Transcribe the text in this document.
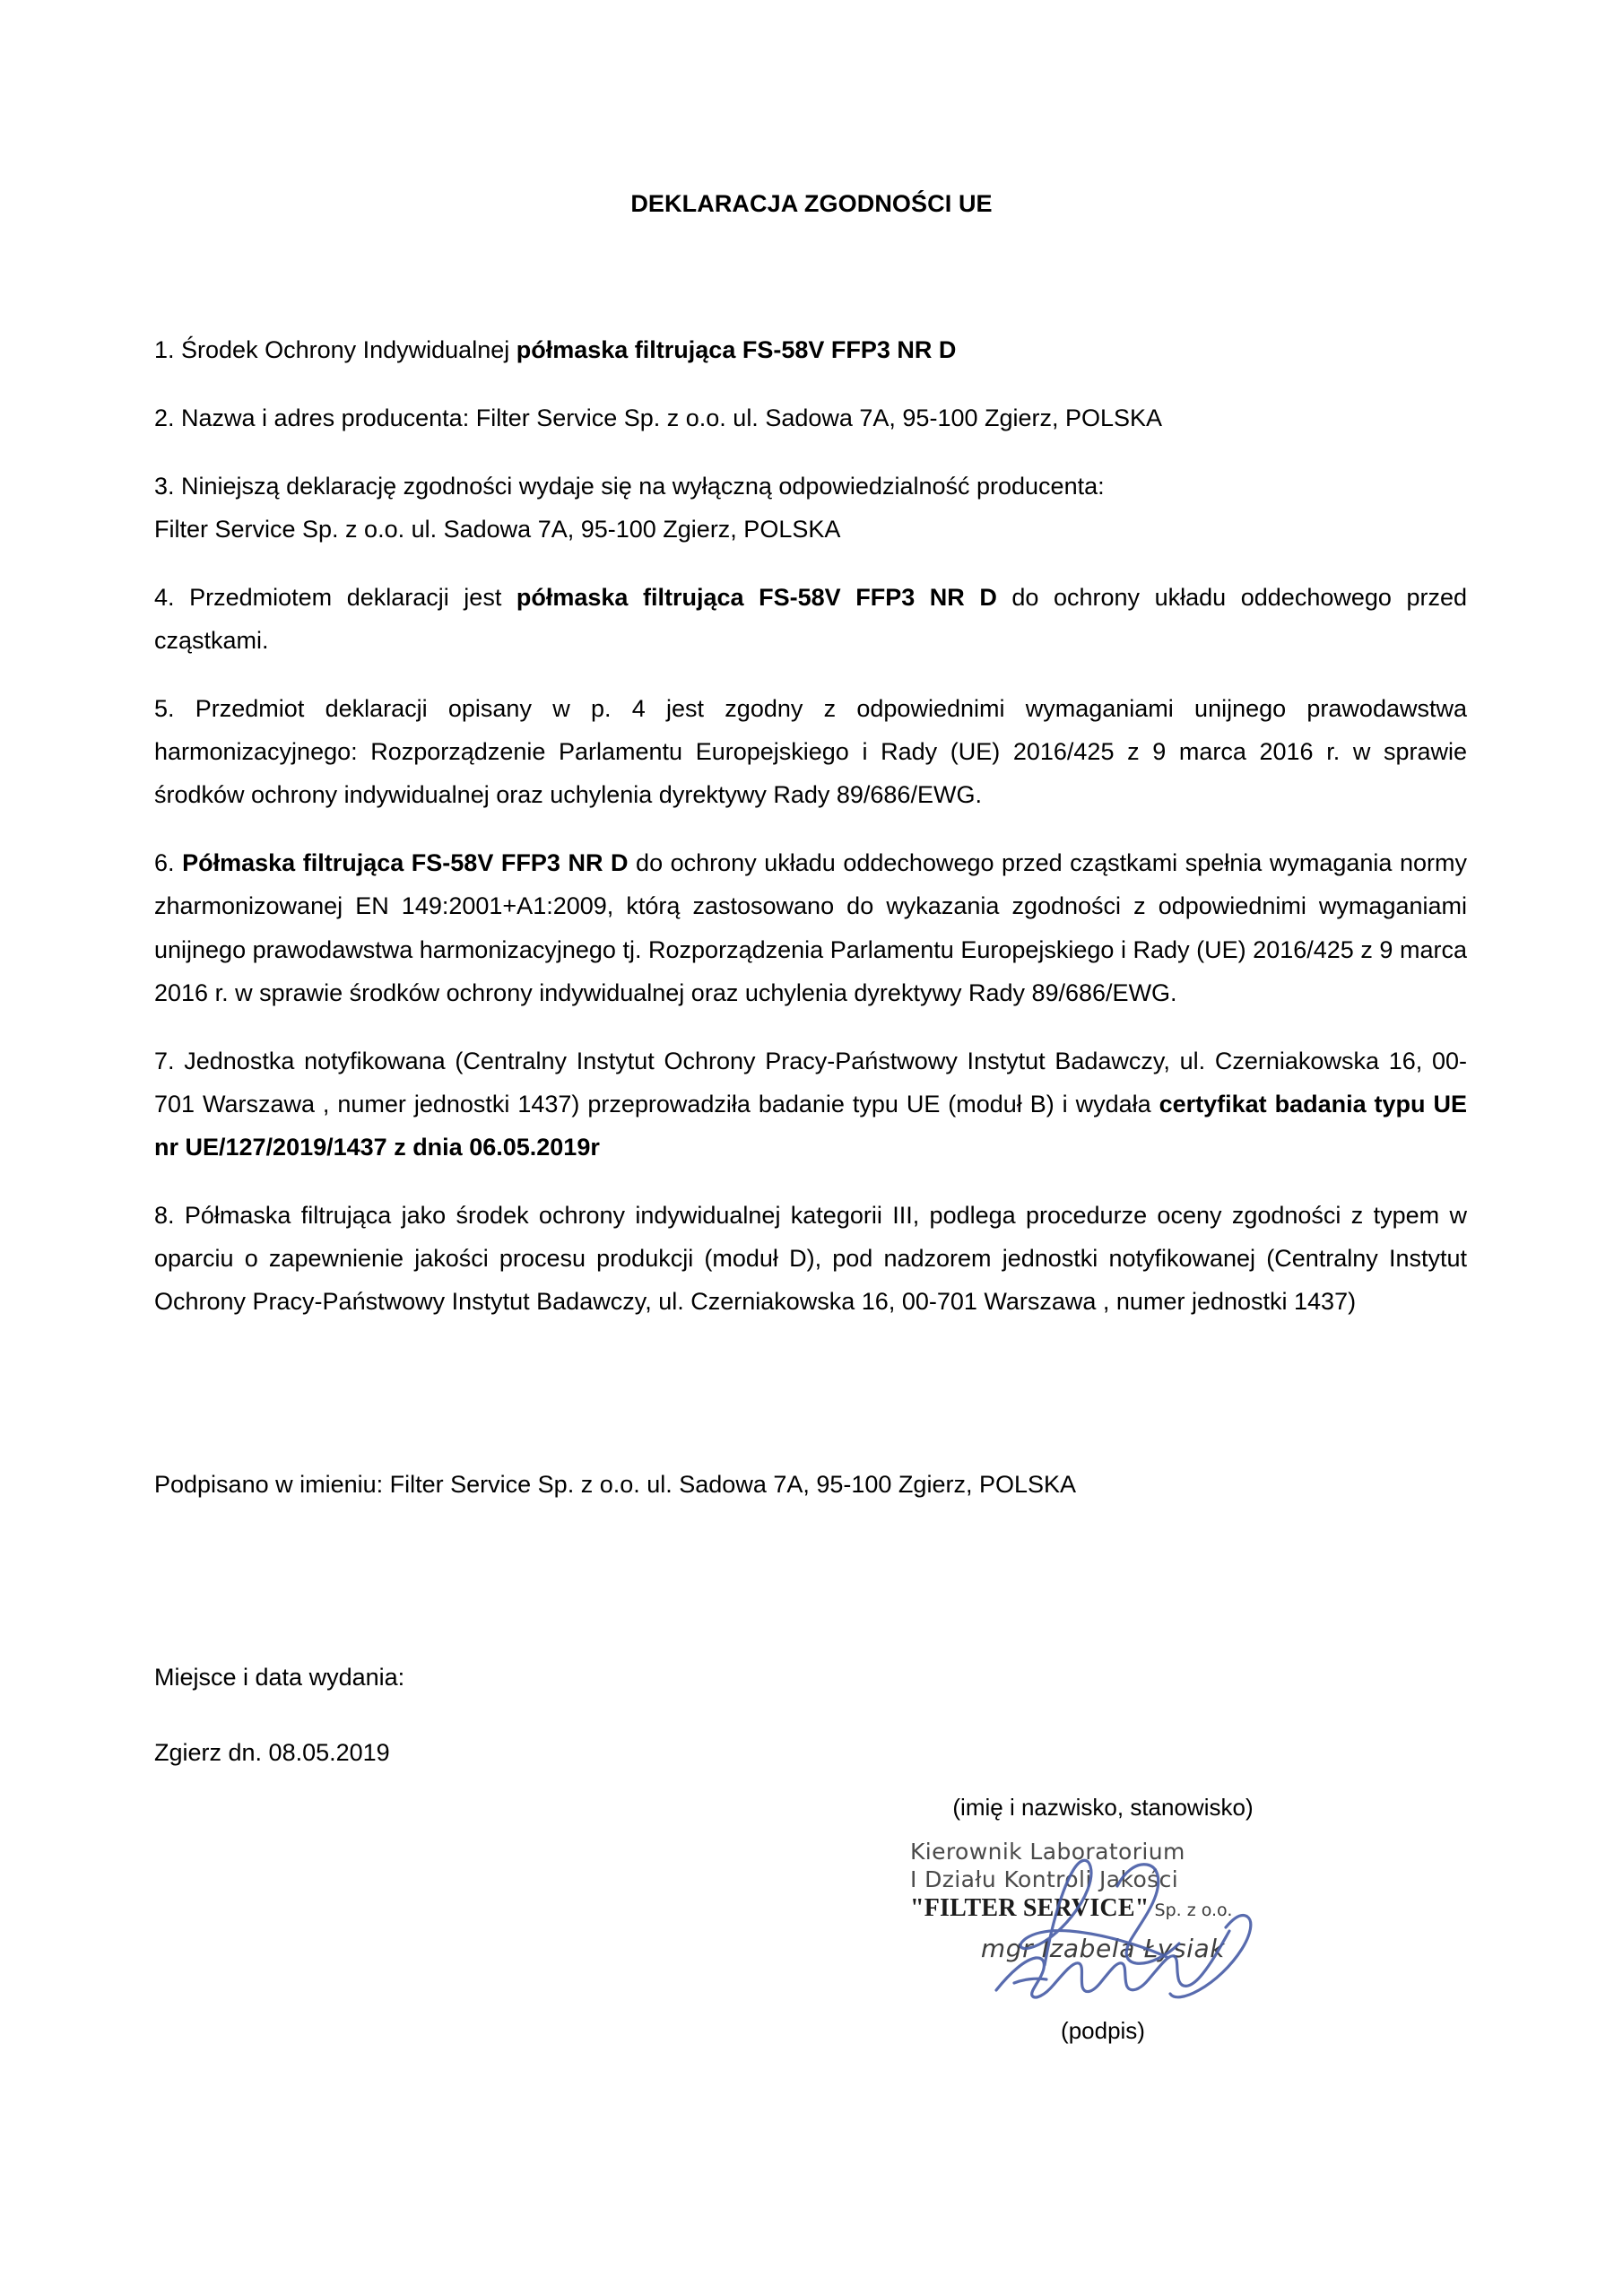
DEKLARACJA ZGODNOŚCI UE

1. Środek Ochrony Indywidualnej półmaska filtrująca FS-58V FFP3 NR D

2. Nazwa i adres producenta: Filter Service Sp. z o.o. ul. Sadowa 7A, 95-100 Zgierz, POLSKA

3. Niniejszą deklarację zgodności wydaje się na wyłączną odpowiedzialność producenta:
Filter Service Sp. z o.o. ul. Sadowa 7A, 95-100 Zgierz, POLSKA

4. Przedmiotem deklaracji jest półmaska filtrująca FS-58V FFP3 NR D do ochrony układu oddechowego przed cząstkami.

5. Przedmiot deklaracji opisany w p. 4 jest zgodny z odpowiednimi wymaganiami unijnego prawodawstwa harmonizacyjnego: Rozporządzenie Parlamentu Europejskiego i Rady (UE) 2016/425 z 9 marca 2016 r. w sprawie środków ochrony indywidualnej oraz uchylenia dyrektywy Rady 89/686/EWG.

6. Półmaska filtrująca FS-58V FFP3 NR D do ochrony układu oddechowego przed cząstkami spełnia wymagania normy zharmonizowanej EN 149:2001+A1:2009, którą zastosowano do wykazania zgodności z odpowiednimi wymaganiami unijnego prawodawstwa harmonizacyjnego tj. Rozporządzenia Parlamentu Europejskiego i Rady (UE) 2016/425 z 9 marca 2016 r. w sprawie środków ochrony indywidualnej oraz uchylenia dyrektywy Rady 89/686/EWG.

7. Jednostka notyfikowana (Centralny Instytut Ochrony Pracy-Państwowy Instytut Badawczy, ul. Czerniakowska 16, 00-701 Warszawa , numer jednostki 1437) przeprowadziła badanie typu UE (moduł B) i wydała certyfikat badania typu UE nr UE/127/2019/1437 z dnia 06.05.2019r

8. Półmaska filtrująca jako środek ochrony indywidualnej kategorii III, podlega procedurze oceny zgodności z typem w oparciu o zapewnienie jakości procesu produkcji (moduł D), pod nadzorem jednostki notyfikowanej (Centralny Instytut Ochrony Pracy-Państwowy Instytut Badawczy, ul. Czerniakowska 16, 00-701 Warszawa , numer jednostki 1437)

Podpisano w imieniu: Filter Service Sp. z o.o. ul. Sadowa 7A, 95-100 Zgierz, POLSKA

Miejsce i data wydania:
Zgierz dn. 08.05.2019
(imię i nazwisko, stanowisko)
Kierownik Laboratorium
I Działu Kontroli Jakości
"FILTER SERVICE" Sp. z o.o.
mgr Izabela Łysiak
(podpis)
